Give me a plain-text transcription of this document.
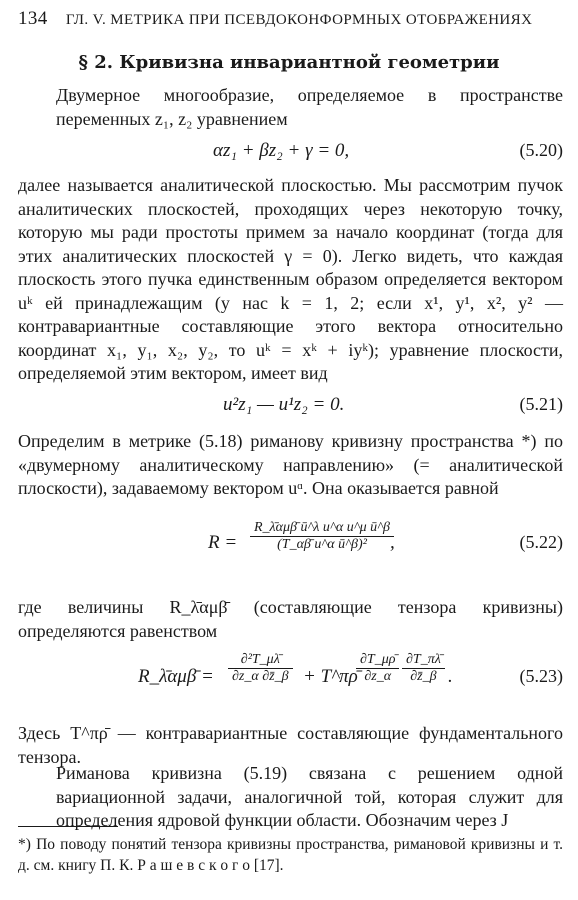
134 ГЛ. V. МЕТРИКА ПРИ ПСЕВДОКОНФОРМНЫХ ОТОБРАЖЕНИЯХ
§ 2. Кривизна инвариантной геометрии
Двумерное многообразие, определяемое в пространстве переменных z₁, z₂ уравнением
αz₁ + βz₂ + γ = 0,	(5.20)
далее называется аналитической плоскостью. Мы рассмотрим пучок аналитических плоскостей, проходящих через некоторую точку, которую мы ради простоты примем за начало координат (тогда для этих аналитических плоскостей γ = 0). Легко видеть, что каждая плоскость этого пучка единственным образом определяется вектором uᵏ ей принадлежащим (у нас k = 1, 2; если x¹, y¹, x², y² — контравариантные составляющие этого вектора относительно координат x₁, y₁, x₂, y₂, то uᵏ = xᵏ + iyᵏ); уравнение плоскости, определяемой этим вектором, имеет вид
u²z₁ — u¹z₂ = 0.	(5.21)
Определим в метрике (5.18) риманову кривизну пространства *) по «двумерному аналитическому направлению» (= аналитической плоскости), задаваемому вектором uᵅ. Она оказывается равной
$R = \frac{\text{R\_λ̄αμβ̄ ū\textasciicircum{}λ u\textasciicircum{}α u\textasciicircum{}μ ū\textasciicircum{}β}}{\text{(T\_αβ̄ u\textasciicircum{}α ū\textasciicircum{}β)²}}$
,	(5.22)
где величины R_λ̄αμβ̄ (составляющие тензора кривизны) определяются равенством
R_λ̄αμβ̄ = $\frac{\text{∂²T\_μλ̄}}{\partial z\_\alpha \partial z̄\_\beta}$ + T^πρ̄
$\frac{\partial T\_\mu\rhō}{\partial z\_\alpha} \frac{\partial T\_\pi\lambdā}{\partial z̄\_\beta}$ .	(5.23)
Здесь T^πρ̄ — контравариантные составляющие фундаментального тензора.
Риманова кривизна (5.19) связана с решением одной вариационной задачи, аналогичной той, которая служит для определения ядровой функции области. Обозначим через J
*) По поводу понятий тензора кривизны пространства, римановой кривизны и т. д. см. книгу П. К. Р а ш е в с к о г о [17].
